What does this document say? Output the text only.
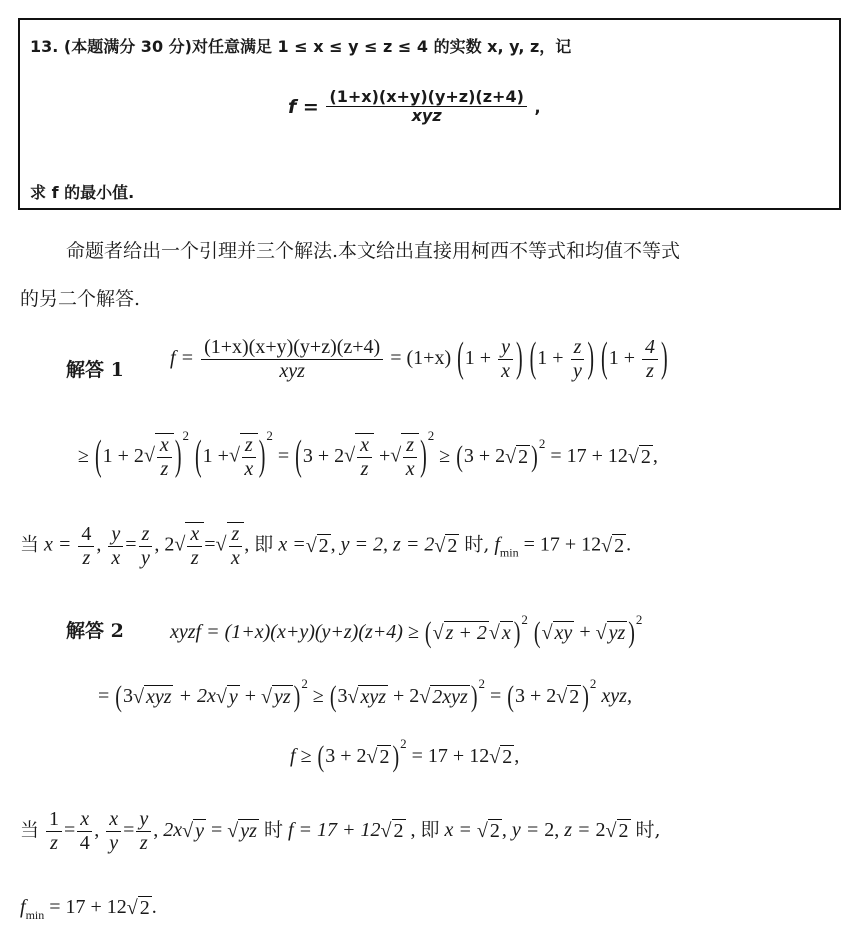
13. (本题满分 30 分)对任意满足 1 ≤ x ≤ y ≤ z ≤ 4 的实数 x, y, z，记
$f = \frac{(1+x)(x+y)(y+z)(z+4)}{\text{xyz}}$ ,
求 f 的最小值.
命题者给出一个引理并三个解法.本文给出直接用柯西不等式和均值不等式
的另二个解答.
解答 1
$f = \frac{(1+x)(x+y)(y+z)(z+4)}{\text{xyz}} = (1+x) (1 + \frac{y}{x}$ ) ($1 + \frac{z}{y}$ ) ($1 + \frac{4}{z}$ )
≥ $(1 + 2√ \frac{x}{z} )^2$ (1 +√ $\frac{z}{x} )^2 = (3 + 2√ \frac{x}{z}$ +√ $\frac{z}{x} )^2 \ge (3 + 2√$ 2 )$^2$ = 17 + 12√ 2 ,
当 $x = \frac{4}{z}$ , $\frac{y}{x} = \frac{z}{y}$ , $2√ \frac{x}{z}$ =√ $\frac{z}{x}$ , 即 x =√ 2 , y = 2, z = 2√ 2 时, $f_{min} = 17 + 12√$ 2 .
解答 2 xyzf = (1+x)(x+y)(y+z)(z+4) ≥ (√ z + 2 √ x )$^2$ (√ xy + √ yz )$^2$
= (3√ xyz + 2x√ y + √ yz )$^2$ ≥ (3√ xyz + 2√ 2xyz )$^2$ = (3 + 2√ 2 )$^2$ xyz,
f ≥ (3 + 2√ 2 )$^2$ = 17 + 12√ 2 ,
当 $\frac{1}{z} = \frac{x}{4}$ , $\frac{x}{y} = \frac{y}{z}$ , 2x√ y = √ yz 时 f = 17 + 12√ 2 , 即 x = √ 2 , y = 2, z = 2√ 2 时,
$f_{min} = 17 + 12√$ 2 .
